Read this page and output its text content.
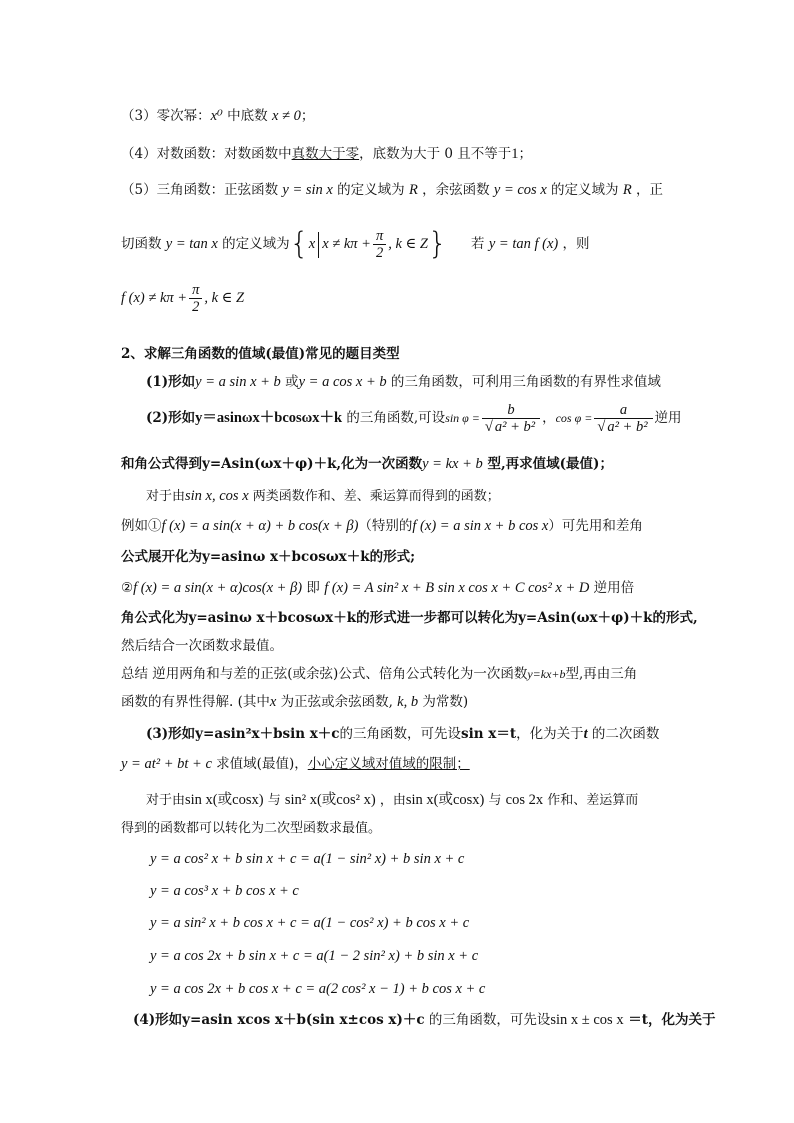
（3）零次幂：x⁰ 中底数 x ≠ 0；
（4）对数函数：对数函数中真数大于零，底数为大于 0 且不等于1；
（5）三角函数：正弦函数 y = sin x 的定义域为 R ，余弦函数 y = cos x 的定义域为 R ，正
切函数 y = tan x 的定义域为{x $x \ne k\pi + \frac{\pi}{2}$ , k ∈ Z} 若 y = tan f (x) ，则
f $(x) \ne k\pi + \frac{\pi}{2}$ , k ∈ Z
2、求解三角函数的值域(最值)常见的题目类型
(1)形如y = a sin x + b 或y = a cos x + b 的三角函数，可利用三角函数的有界性求值域
(2)形如y＝asinωx＋bcosωx＋k 的三角函数,可设$\sin \varphi = \frac{b}{\text{√ a² + b²}}$ ，$\cos \varphi = \frac{a}{\text{√ a² + b²}}$ 逆用
和角公式得到y=Asin(ωx＋φ)＋k,化为一次函数y = kx + b 型,再求值域(最值)；
对于由sin x, cos x 两类函数作和、差、乘运算而得到的函数；
例如①f (x) = a sin(x + α) + b cos(x + β)（特别的f (x) = a sin x + b cos x）可先用和差角
公式展开化为y=asinω x＋bcosωx＋k的形式;
②f (x) = a sin(x + α)cos(x + β) 即 f (x) = A sin² x + B sin x cos x + C cos² x + D 逆用倍
角公式化为y=asinω x＋bcosωx＋k的形式进一步都可以转化为y=Asin(ωx＋φ)＋k的形式,
然后结合一次函数求最值。
总结 逆用两角和与差的正弦(或余弦)公式、倍角公式转化为一次函数y=kx+b型,再由三角
函数的有界性得解. (其中x 为正弦或余弦函数, k, b 为常数)
(3)形如y=asin²x＋bsin x＋c的三角函数，可先设sin x＝t，化为关于t 的二次函数
y = at² + bt + c 求值域(最值)，小心定义域对值域的限制；
对于由sin x(或cosx) 与 sin² x(或cos² x) ，由sin x(或cosx) 与 cos 2x 作和、差运算而
得到的函数都可以转化为二次型函数求最值。
y = a cos² x + b sin x + c = a(1 − sin² x) + b sin x + c
y = a cos³ x + b cos x + c
y = a sin² x + b cos x + c = a(1 − cos² x) + b cos x + c
y = a cos 2x + b sin x + c = a(1 − 2 sin² x) + b sin x + c
y = a cos 2x + b cos x + c = a(2 cos² x − 1) + b cos x + c
(4)形如y=asin xcos x＋b(sin x±cos x)＋c 的三角函数，可先设sin x ± cos x ＝t，化为关于
